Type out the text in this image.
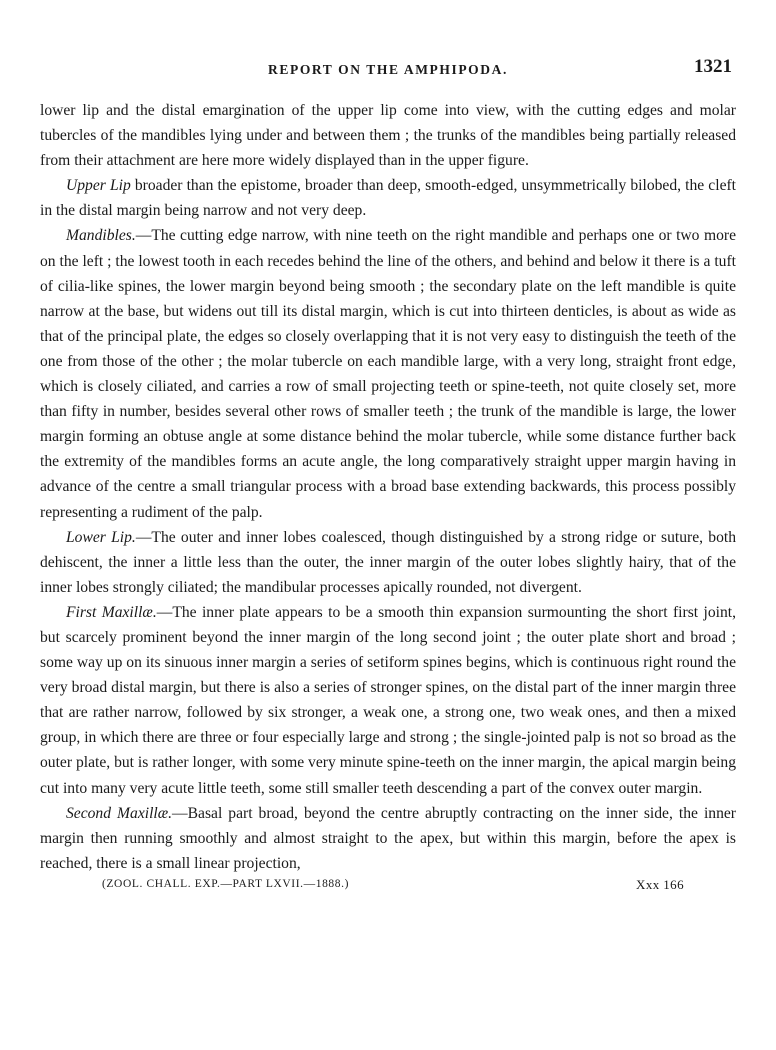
REPORT ON THE AMPHIPODA.	1321

lower lip and the distal emargination of the upper lip come into view, with the cutting edges and molar tubercles of the mandibles lying under and between them ; the trunks of the mandibles being partially released from their attachment are here more widely displayed than in the upper figure.

Upper Lip broader than the epistome, broader than deep, smooth-edged, unsymmetrically bilobed, the cleft in the distal margin being narrow and not very deep.

Mandibles.—The cutting edge narrow, with nine teeth on the right mandible and perhaps one or two more on the left ; the lowest tooth in each recedes behind the line of the others, and behind and below it there is a tuft of cilia-like spines, the lower margin beyond being smooth ; the secondary plate on the left mandible is quite narrow at the base, but widens out till its distal margin, which is cut into thirteen denticles, is about as wide as that of the principal plate, the edges so closely overlapping that it is not very easy to distinguish the teeth of the one from those of the other ; the molar tubercle on each mandible large, with a very long, straight front edge, which is closely ciliated, and carries a row of small projecting teeth or spine-teeth, not quite closely set, more than fifty in number, besides several other rows of smaller teeth ; the trunk of the mandible is large, the lower margin forming an obtuse angle at some distance behind the molar tubercle, while some distance further back the extremity of the mandibles forms an acute angle, the long comparatively straight upper margin having in advance of the centre a small triangular process with a broad base extending backwards, this process possibly representing a rudiment of the palp.

Lower Lip.—The outer and inner lobes coalesced, though distinguished by a strong ridge or suture, both dehiscent, the inner a little less than the outer, the inner margin of the outer lobes slightly hairy, that of the inner lobes strongly ciliated; the mandibular processes apically rounded, not divergent.

First Maxillæ.—The inner plate appears to be a smooth thin expansion surmounting the short first joint, but scarcely prominent beyond the inner margin of the long second joint ; the outer plate short and broad ; some way up on its sinuous inner margin a series of setiform spines begins, which is continuous right round the very broad distal margin, but there is also a series of stronger spines, on the distal part of the inner margin three that are rather narrow, followed by six stronger, a weak one, a strong one, two weak ones, and then a mixed group, in which there are three or four especially large and strong ; the single-jointed palp is not so broad as the outer plate, but is rather longer, with some very minute spine-teeth on the inner margin, the apical margin being cut into many very acute little teeth, some still smaller teeth descending a part of the convex outer margin.

Second Maxillæ.—Basal part broad, beyond the centre abruptly contracting on the inner side, the inner margin then running smoothly and almost straight to the apex, but within this margin, before the apex is reached, there is a small linear projection,

(ZOOL. CHALL. EXP.—PART LXVII.—1888.)	Xxx 166
